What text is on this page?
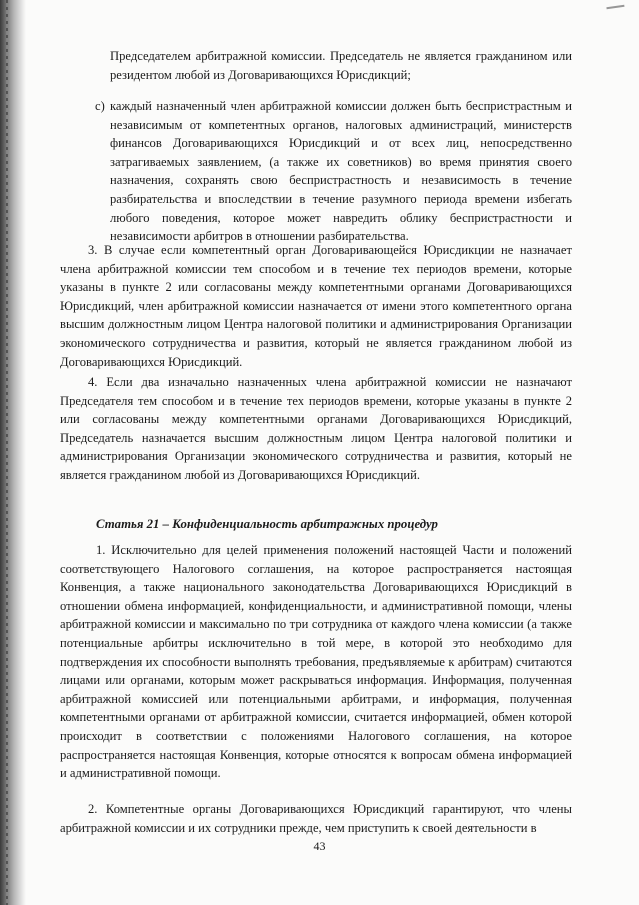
Председателем арбитражной комиссии. Председатель не является гражданином или резидентом любой из Договаривающихся Юрисдикций;

c) каждый назначенный член арбитражной комиссии должен быть беспристрастным и независимым от компетентных органов, налоговых администраций, министерств финансов Договаривающихся Юрисдикций и от всех лиц, непосредственно затрагиваемых заявлением, (а также их советников) во время принятия своего назначения, сохранять свою беспристрастность и независимость в течение разбирательства и впоследствии в течение разумного периода времени избегать любого поведения, которое может навредить облику беспристрастности и независимости арбитров в отношении разбирательства.

3. В случае если компетентный орган Договаривающейся Юрисдикции не назначает члена арбитражной комиссии тем способом и в течение тех периодов времени, которые указаны в пункте 2 или согласованы между компетентными органами Договаривающихся Юрисдикций, член арбитражной комиссии назначается от имени этого компетентного органа высшим должностным лицом Центра налоговой политики и администрирования Организации экономического сотрудничества и развития, который не является гражданином любой из Договаривающихся Юрисдикций.

4. Если два изначально назначенных члена арбитражной комиссии не назначают Председателя тем способом и в течение тех периодов времени, которые указаны в пункте 2 или согласованы между компетентными органами Договаривающихся Юрисдикций, Председатель назначается высшим должностным лицом Центра налоговой политики и администрирования Организации экономического сотрудничества и развития, который не является гражданином любой из Договаривающихся Юрисдикций.

Статья 21 – Конфиденциальность арбитражных процедур

1. Исключительно для целей применения положений настоящей Части и положений соответствующего Налогового соглашения, на которое распространяется настоящая Конвенция, а также национального законодательства Договаривающихся Юрисдикций в отношении обмена информацией, конфиденциальности, и административной помощи, члены арбитражной комиссии и максимально по три сотрудника от каждого члена комиссии (а также потенциальные арбитры исключительно в той мере, в которой это необходимо для подтверждения их способности выполнять требования, предъявляемые к арбитрам) считаются лицами или органами, которым может раскрываться информация. Информация, полученная арбитражной комиссией или потенциальными арбитрами, и информация, полученная компетентными органами от арбитражной комиссии, считается информацией, обмен которой происходит в соответствии с положениями Налогового соглашения, на которое распространяется настоящая Конвенция, которые относятся к вопросам обмена информацией и административной помощи.

2. Компетентные органы Договаривающихся Юрисдикций гарантируют, что члены арбитражной комиссии и их сотрудники прежде, чем приступить к своей деятельности в

43
